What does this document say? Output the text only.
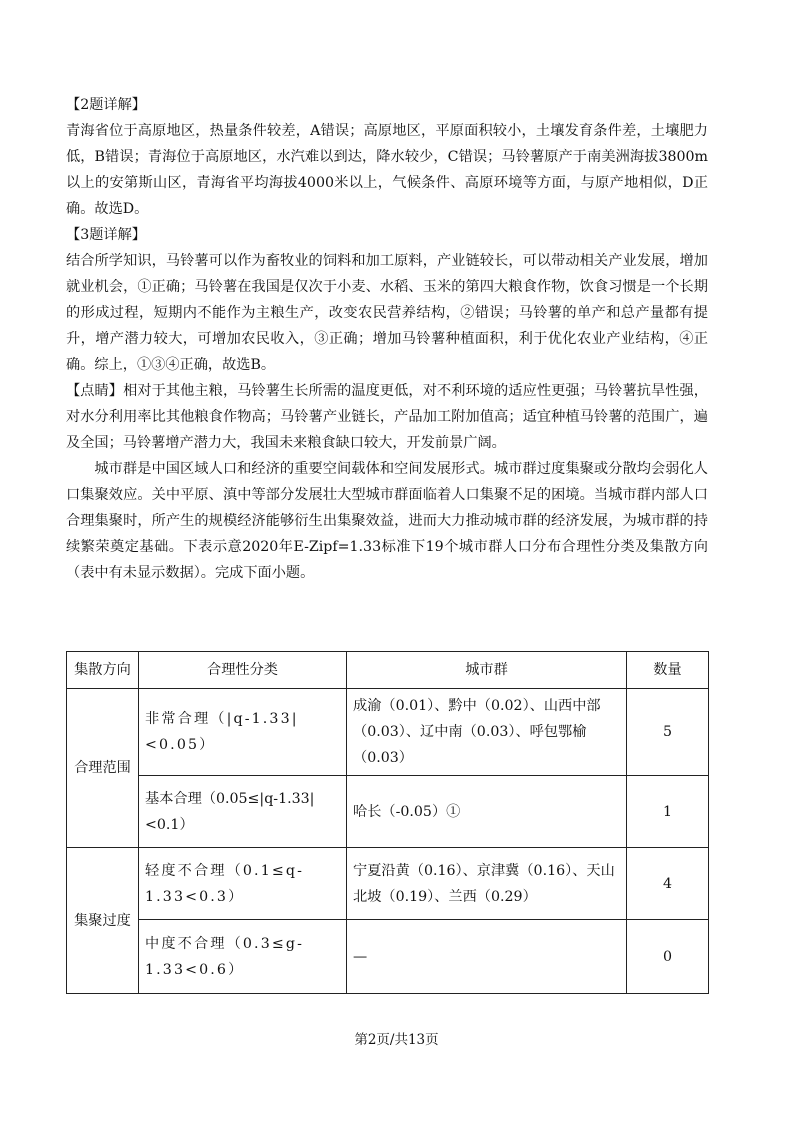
【2题详解】

青海省位于高原地区，热量条件较差，A错误；高原地区，平原面积较小，土壤发育条件差，土壤肥力低，B错误；青海位于高原地区，水汽难以到达，降水较少，C错误；马铃薯原产于南美洲海拔3800m以上的安第斯山区，青海省平均海拔4000米以上，气候条件、高原环境等方面，与原产地相似，D正确。故选D。

【3题详解】

结合所学知识，马铃薯可以作为畜牧业的饲料和加工原料，产业链较长，可以带动相关产业发展，增加就业机会，①正确；马铃薯在我国是仅次于小麦、水稻、玉米的第四大粮食作物，饮食习惯是一个长期的形成过程，短期内不能作为主粮生产，改变农民营养结构，②错误；马铃薯的单产和总产量都有提升，增产潜力较大，可增加农民收入，③正确；增加马铃薯种植面积，利于优化农业产业结构，④正确。综上，①③④正确，故选B。

【点睛】相对于其他主粮，马铃薯生长所需的温度更低，对不利环境的适应性更强；马铃薯抗旱性强，对水分利用率比其他粮食作物高；马铃薯产业链长，产品加工附加值高；适宜种植马铃薯的范围广，遍及全国；马铃薯增产潜力大，我国未来粮食缺口较大，开发前景广阔。

城市群是中国区域人口和经济的重要空间载体和空间发展形式。城市群过度集聚或分散均会弱化人口集聚效应。关中平原、滇中等部分发展壮大型城市群面临着人口集聚不足的困境。当城市群内部人口合理集聚时，所产生的规模经济能够衍生出集聚效益，进而大力推动城市群的经济发展，为城市群的持续繁荣奠定基础。下表示意2020年E-Zipf=1.33标准下19个城市群人口分布合理性分类及集散方向（表中有未显示数据）。完成下面小题。

集散方向	合理性分类	城市群	数量
合理范围	非常合理（|q-1.33|<0.05）	成渝（0.01）、黔中（0.02）、山西中部（0.03）、辽中南（0.03）、呼包鄂榆（0.03）	5
	基本合理（0.05≤|q-1.33|<0.1）	哈长（-0.05）①	1
集聚过度	轻度不合理（0.1≤q-1.33<0.3）	宁夏沿黄（0.16）、京津冀（0.16）、天山北坡（0.19）、兰西（0.29）	4
	中度不合理（0.3≤g-1.33<0.6）	—	0
第2页/共13页
